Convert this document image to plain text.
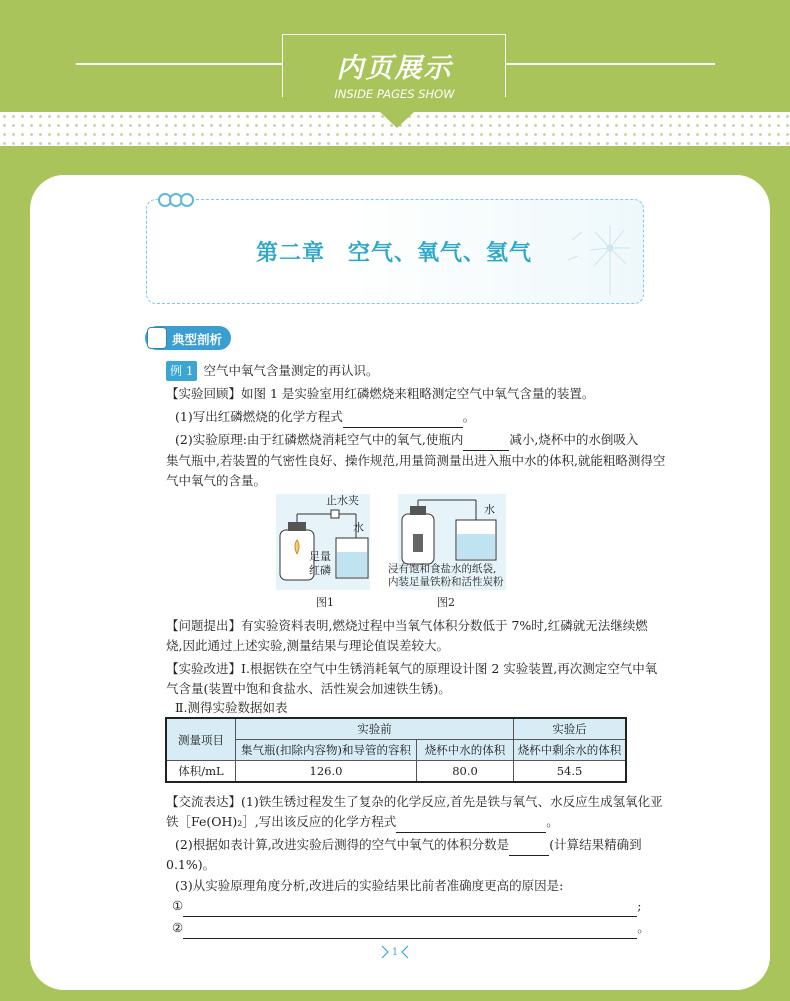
内页展示
INSIDE PAGES SHOW
第二章　空气、氧气、氢气
典型剖析
例 1 空气中氧气含量测定的再认识。
【实验回顾】如图 1 是实验室用红磷燃烧来粗略测定空气中氧气含量的装置。
(1)写出红磷燃烧的化学方程式	。
(2)实验原理:由于红磷燃烧消耗空气中的氧气,使瓶内	减小,烧杯中的水倒吸入
集气瓶中,若装置的气密性良好、操作规范,用量筒测量出进入瓶中水的体积,就能粗略测得空
气中氧气的含量。
止水夹
水
足量
红磷
水
浸有饱和食盐水的纸袋,
内装足量铁粉和活性炭粉
图1	图2
【问题提出】有实验资料表明,燃烧过程中当氧气体积分数低于 7%时,红磷就无法继续燃
烧,因此通过上述实验,测量结果与理论值误差较大。
【实验改进】Ⅰ.根据铁在空气中生锈消耗氧气的原理设计图 2 实验装置,再次测定空气中氧
气含量(装置中饱和食盐水、活性炭会加速铁生锈)。
Ⅱ.测得实验数据如表
测量项目	实验前		实验后
	集气瓶(扣除内容物)和导管的容积	烧杯中水的体积	烧杯中剩余水的体积
体积/mL	126.0	80.0	54.5
【交流表达】(1)铁生锈过程发生了复杂的化学反应,首先是铁与氧气、水反应生成氢氧化亚
铁［Fe(OH)₂］,写出该反应的化学方程式	。
(2)根据如表计算,改进实验后测得的空气中氧气的体积分数是	(计算结果精确到
0.1%)。
(3)从实验原理角度分析,改进后的实验结果比前者准确度更高的原因是:
①	;
②	。
1
